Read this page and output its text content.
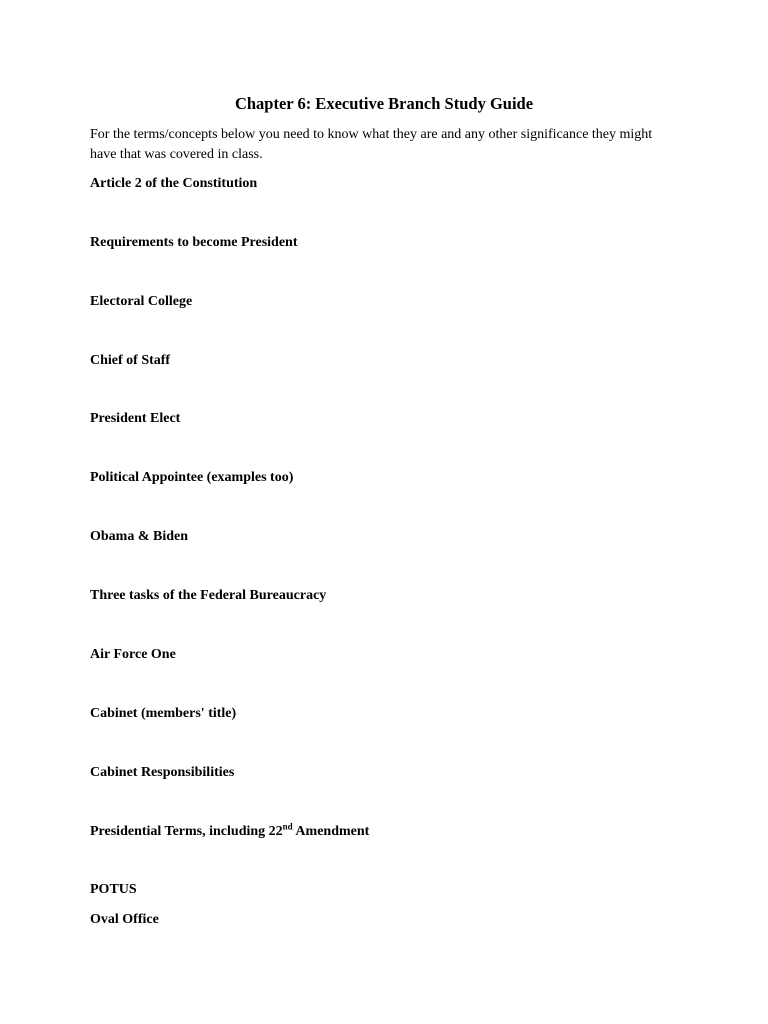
Chapter 6: Executive Branch Study Guide

For the terms/concepts below you need to know what they are and any other significance they might have that was covered in class.

Article 2 of the Constitution

Requirements to become President

Electoral College

Chief of Staff

President Elect

Political Appointee (examples too)

Obama & Biden

Three tasks of the Federal Bureaucracy

Air Force One

Cabinet (members' title)

Cabinet Responsibilities

Presidential Terms, including 22nd Amendment

POTUS

Oval Office
